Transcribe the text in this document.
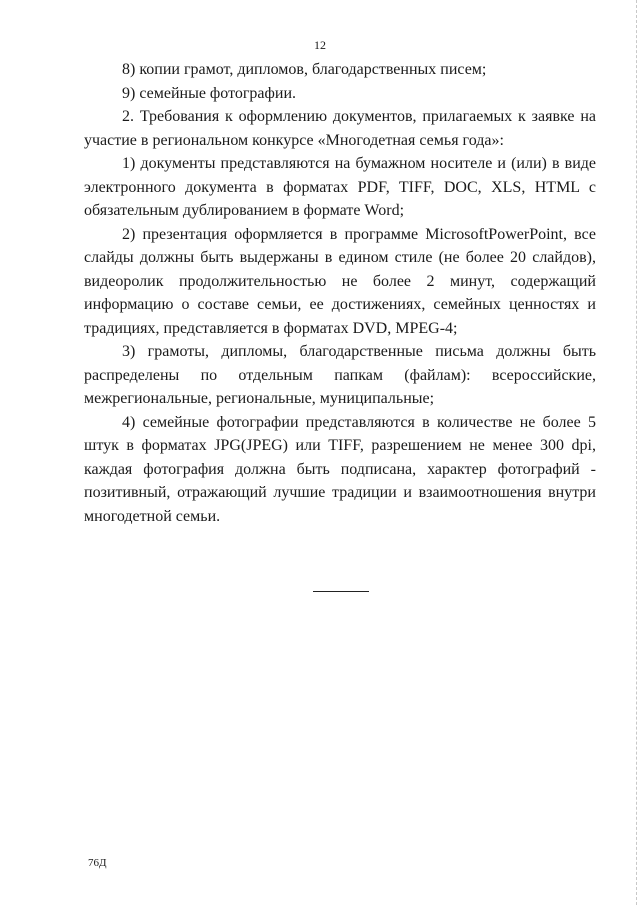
12

8) копии грамот, дипломов, благодарственных писем;

9) семейные фотографии.

2. Требования к оформлению документов, прилагаемых к заявке на участие в региональном конкурсе «Многодетная семья года»:

1) документы представляются на бумажном носителе и (или) в виде электронного документа в форматах PDF, TIFF, DOC, XLS, HTML с обязательным дублированием в формате Word;

2) презентация оформляется в программе MicrosoftPowerPoint, все слайды должны быть выдержаны в едином стиле (не более 20 слайдов), видеоролик продолжительностью не более 2 минут, содержащий информацию о составе семьи, ее достижениях, семейных ценностях и традициях, представляется в форматах DVD, MPEG-4;

3) грамоты, дипломы, благодарственные письма должны быть распределены по отдельным папкам (файлам): всероссийские, межрегиональные, региональные, муниципальные;

4) семейные фотографии представляются в количестве не более 5 штук в форматах JPG(JPEG) или TIFF, разрешением не менее 300 dpi, каждая фотография должна быть подписана, характер фотографий - позитивный, отражающий лучшие традиции и взаимоотношения внутри многодетной семьи.

76Д
